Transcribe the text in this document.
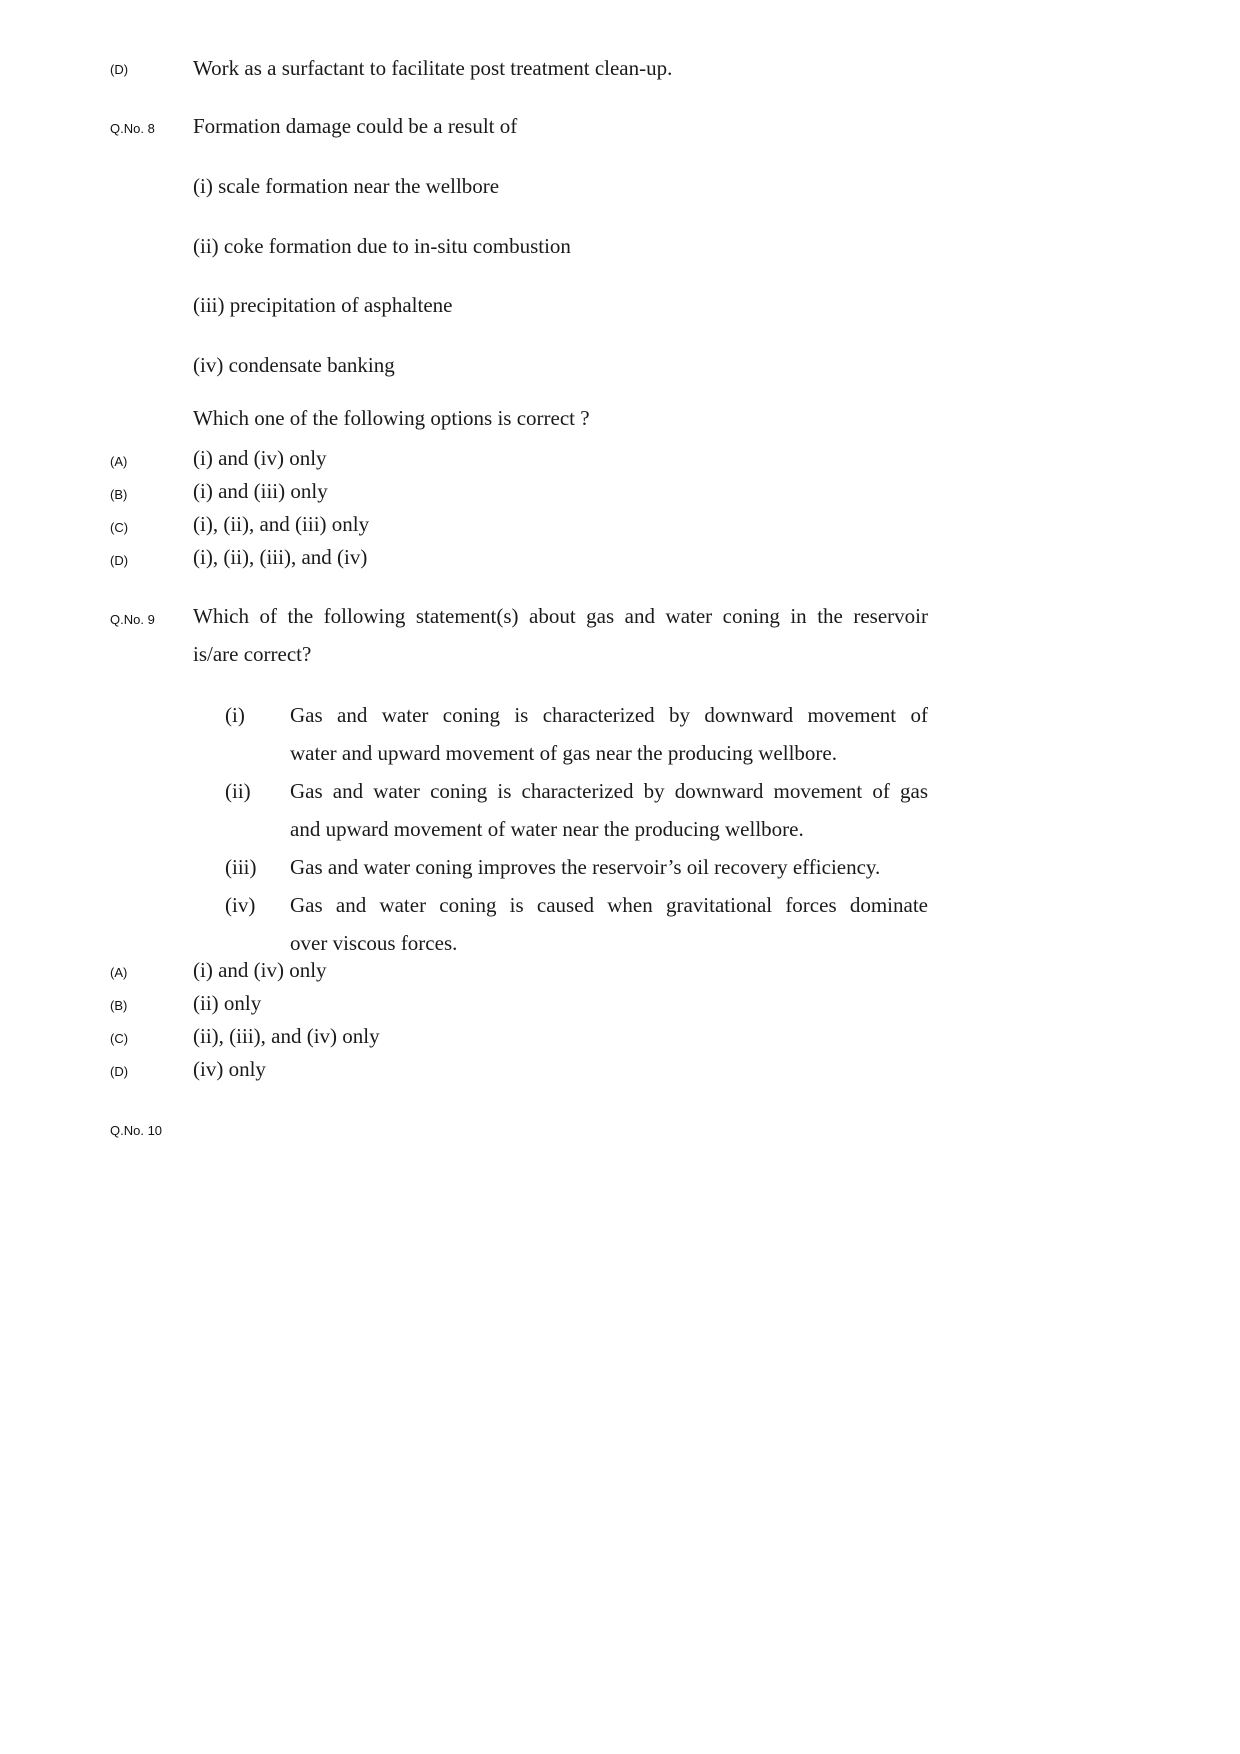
(D)	Work as a surfactant to facilitate post treatment clean-up.
Q.No. 8 Formation damage could be a result of
(i) scale formation near the wellbore
(ii) coke formation due to in-situ combustion
(iii) precipitation of asphaltene
(iv) condensate banking
Which one of the following options is correct ?
(A)	(i) and (iv) only
(B)	(i) and (iii) only
(C)	(i), (ii), and (iii) only
(D)	(i), (ii), (iii), and (iv)
Q.No. 9 Which of the following statement(s) about gas and water coning in the reservoir
is/are correct?
(i) Gas and water coning is characterized by downward movement of
water and upward movement of gas near the producing wellbore.
(ii) Gas and water coning is characterized by downward movement of gas
and upward movement of water near the producing wellbore.
(iii) Gas and water coning improves the reservoir’s oil recovery efficiency.
(iv) Gas and water coning is caused when gravitational forces dominate
over viscous forces.
(A)	(i) and (iv) only
(B)	(ii) only
(C)	(ii), (iii), and (iv) only
(D)	(iv) only
Q.No. 10
